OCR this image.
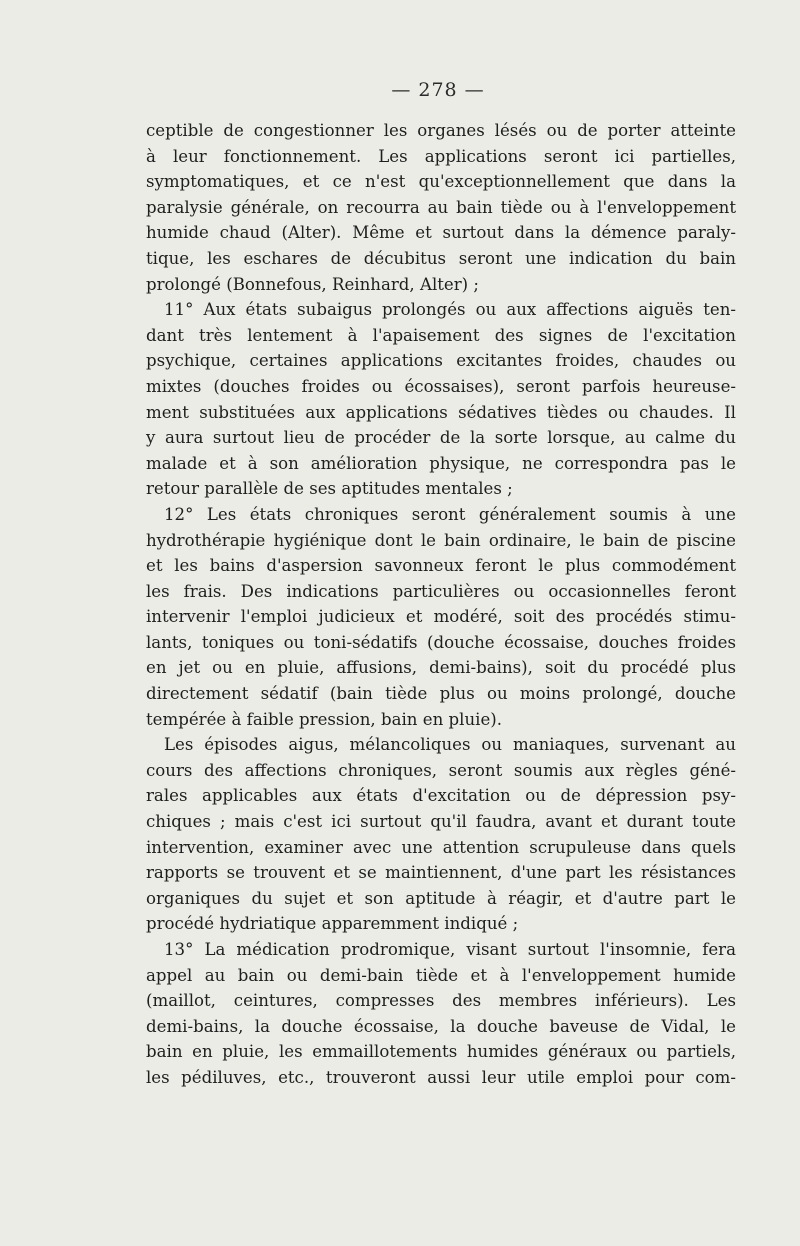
— 278 —
ceptible de congestionner les organes lésés ou de porter atteinte
à leur fonctionnement. Les applications seront ici partielles,
symptomatiques, et ce n'est qu'exceptionnellement que dans la
paralysie générale, on recourra au bain tiède ou à l'enveloppement
humide chaud (Alter). Même et surtout dans la démence paraly-
tique, les eschares de décubitus seront une indication du bain
prolongé (Bonnefous, Reinhard, Alter) ;
11° Aux états subaigus prolongés ou aux affections aiguës ten-
dant très lentement à l'apaisement des signes de l'excitation
psychique, certaines applications excitantes froides, chaudes ou
mixtes (douches froides ou écossaises), seront parfois heureuse-
ment substituées aux applications sédatives tièdes ou chaudes. Il
y aura surtout lieu de procéder de la sorte lorsque, au calme du
malade et à son amélioration physique, ne correspondra pas le
retour parallèle de ses aptitudes mentales ;
12° Les états chroniques seront généralement soumis à une
hydrothérapie hygiénique dont le bain ordinaire, le bain de piscine
et les bains d'aspersion savonneux feront le plus commodément
les frais. Des indications particulières ou occasionnelles feront
intervenir l'emploi judicieux et modéré, soit des procédés stimu-
lants, toniques ou toni-sédatifs (douche écossaise, douches froides
en jet ou en pluie, affusions, demi-bains), soit du procédé plus
directement sédatif (bain tiède plus ou moins prolongé, douche
tempérée à faible pression, bain en pluie).
Les épisodes aigus, mélancoliques ou maniaques, survenant au
cours des affections chroniques, seront soumis aux règles géné-
rales applicables aux états d'excitation ou de dépression psy-
chiques ; mais c'est ici surtout qu'il faudra, avant et durant toute
intervention, examiner avec une attention scrupuleuse dans quels
rapports se trouvent et se maintiennent, d'une part les résistances
organiques du sujet et son aptitude à réagir, et d'autre part le
procédé hydriatique apparemment indiqué ;
13° La médication prodromique, visant surtout l'insomnie, fera
appel au bain ou demi-bain tiède et à l'enveloppement humide
(maillot, ceintures, compresses des membres inférieurs). Les
demi-bains, la douche écossaise, la douche baveuse de Vidal, le
bain en pluie, les emmaillotements humides généraux ou partiels,
les pédiluves, etc., trouveront aussi leur utile emploi pour com-
